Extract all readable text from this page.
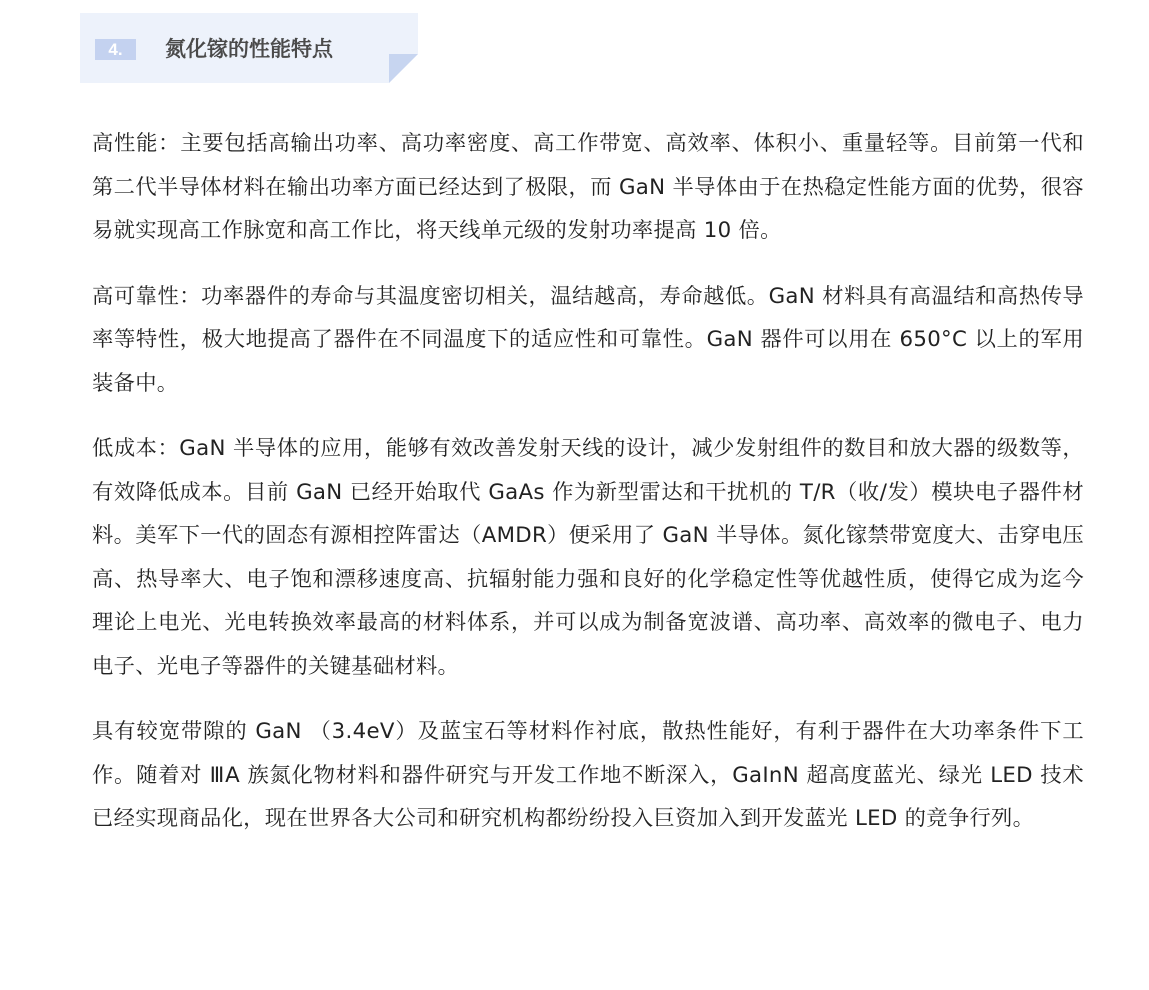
4.	氮化镓的性能特点

高性能：主要包括高输出功率、高功率密度、高工作带宽、高效率、体积小、重量轻等。目前第一代和第二代半导体材料在输出功率方面已经达到了极限，而 GaN 半导体由于在热稳定性能方面的优势，很容易就实现高工作脉宽和高工作比，将天线单元级的发射功率提高 10 倍。

高可靠性：功率器件的寿命与其温度密切相关，温结越高，寿命越低。GaN 材料具有高温结和高热传导率等特性，极大地提高了器件在不同温度下的适应性和可靠性。GaN 器件可以用在 650°C 以上的军用装备中。

低成本：GaN 半导体的应用，能够有效改善发射天线的设计，减少发射组件的数目和放大器的级数等，有效降低成本。目前 GaN 已经开始取代 GaAs 作为新型雷达和干扰机的 T/R（收/发）模块电子器件材料。美军下一代的固态有源相控阵雷达（AMDR）便采用了 GaN 半导体。氮化镓禁带宽度大、击穿电压高、热导率大、电子饱和漂移速度高、抗辐射能力强和良好的化学稳定性等优越性质，使得它成为迄今理论上电光、光电转换效率最高的材料体系，并可以成为制备宽波谱、高功率、高效率的微电子、电力电子、光电子等器件的关键基础材料。

具有较宽带隙的 GaN （3.4eV）及蓝宝石等材料作衬底，散热性能好，有利于器件在大功率条件下工作。随着对 ⅢA 族氮化物材料和器件研究与开发工作地不断深入，GaInN 超高度蓝光、绿光 LED 技术已经实现商品化，现在世界各大公司和研究机构都纷纷投入巨资加入到开发蓝光 LED 的竞争行列。
